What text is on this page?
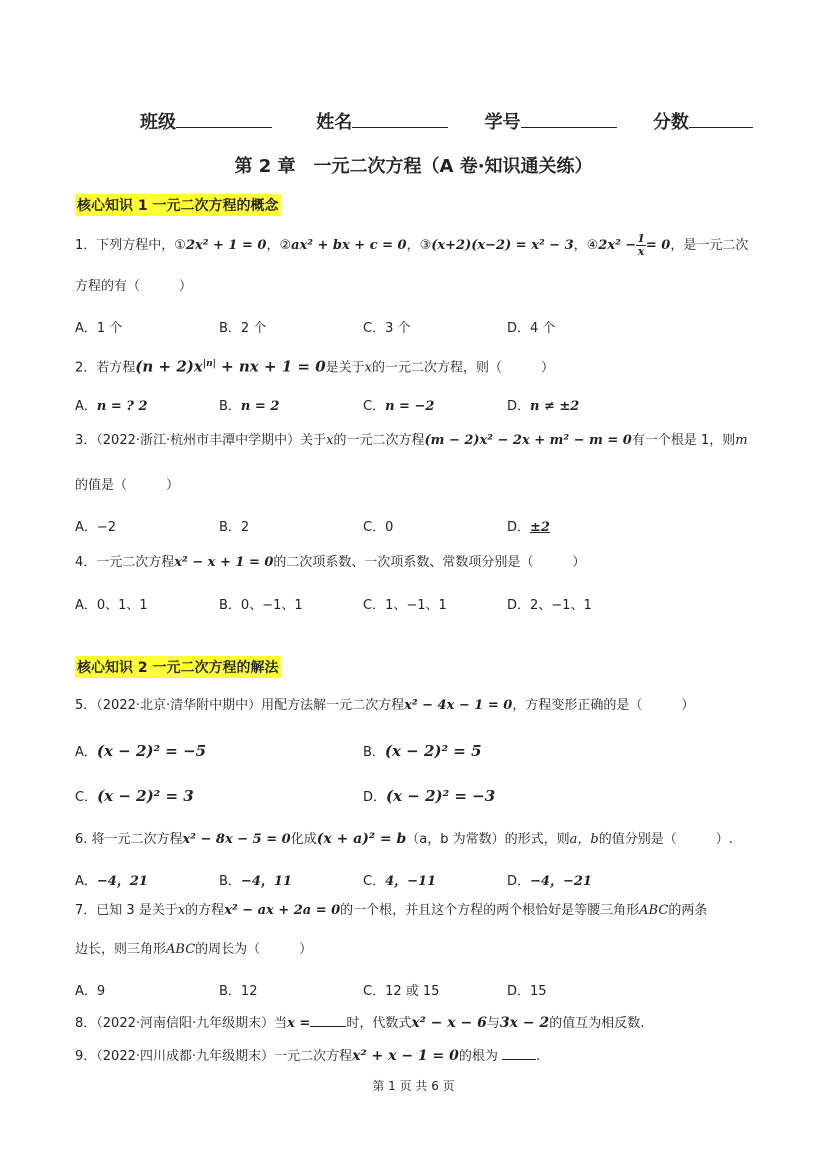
班级	姓名	学号	分数
第 2 章　一元二次方程（A 卷·知识通关练）
核心知识 1 一元二次方程的概念
1．下列方程中，①2x² + 1 = 0，②ax² + bx + c = 0，③(x+2)(x−2) = x² − 3，④2x² − $\frac{1}{x} = 0$，是一元二次
方程的有（　　　）
A．1 个	B．2 个	C．3 个	D．4 个
2．若方程$(n + 2)x^{|n|}$ + nx + 1 = 0是关于x的一元二次方程，则（　　　）
A．n = ? 2	B．n = 2	C．n = −2	D．n ≠ ±2
3．（2022·浙江·杭州市丰潭中学期中）关于x的一元二次方程(m − 2)x² − 2x + m² − m = 0有一个根是 1，则m
的值是（　　　）
A．−2	B．2	C．0	D．±2
4．一元二次方程x² − x + 1 = 0的二次项系数、一次项系数、常数项分别是（　　　）
A．0、1、1	B．0、−1、1	C．1、−1、1	D．2、−1、1
核心知识 2 一元二次方程的解法
5．（2022·北京·清华附中期中）用配方法解一元二次方程x² − 4x − 1 = 0，方程变形正确的是（　　　）
A．(x − 2)² = −5	B．(x − 2)² = 5
C．(x − 2)² = 3	D．(x − 2)² = −3
6. 将一元二次方程x² − 8x − 5 = 0化成(x + a)² = b（a，b 为常数）的形式，则a，b的值分别是（　　　）.
A．−4，21	B．−4，11	C．4，−11	D．−4，−21
7．已知 3 是关于x的方程x² − ax + 2a = 0的一个根，并且这个方程的两个根恰好是等腰三角形ABC的两条
边长，则三角形ABC的周长为（　　　）
A．9	B．12	C．12 或 15	D．15
8．（2022·河南信阳·九年级期末）当x =	时，代数式x² − x − 6与3x − 2的值互为相反数.
9．（2022·四川成都·九年级期末）一元二次方程x² + x − 1 = 0的根为	.
第 1 页 共 6 页
